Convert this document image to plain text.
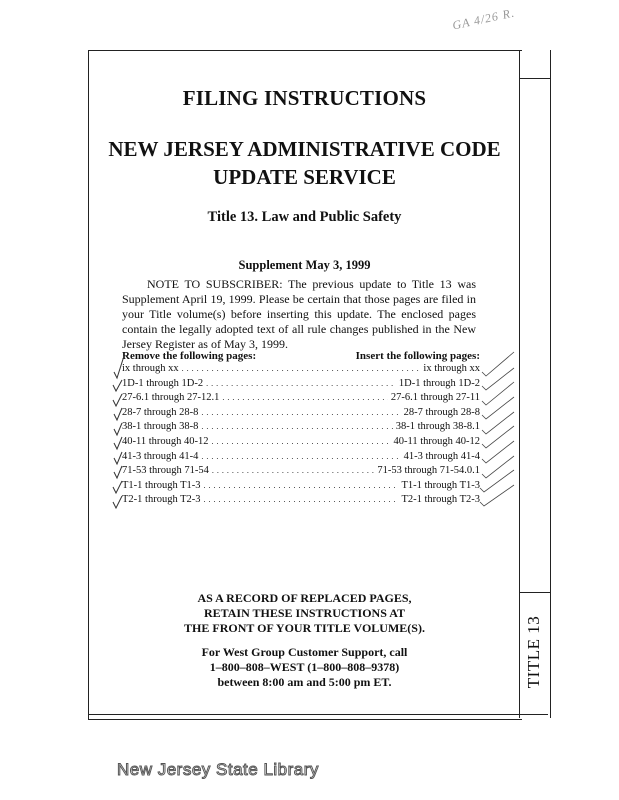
GA 4/26 R.
TITLE 13
FILING INSTRUCTIONS
NEW JERSEY ADMINISTRATIVE CODE
UPDATE SERVICE
Title 13. Law and Public Safety
Supplement May 3, 1999
NOTE TO SUBSCRIBER: The previous update to Title 13 was Supplement April 19, 1999. Please be certain that those pages are filed in your Title volume(s) before inserting this update. The enclosed pages contain the legally adopted text of all rule changes published in the New Jersey Register as of May 3, 1999.
Remove the following pages:	Insert the following pages:
ix through xx . . .	ix through xx
1D-1 through 1D-2 . . .	1D-1 through 1D-2
27-6.1 through 27-12.1 . . .	27-6.1 through 27-11
28-7 through 28-8 . . .	28-7 through 28-8
38-1 through 38-8 . . .	38-1 through 38-8.1
40-11 through 40-12 . . .	40-11 through 40-12
41-3 through 41-4 . . .	41-3 through 41-4
71-53 through 71-54 . . .	71-53 through 71-54.0.1
T1-1 through T1-3 . . .	T1-1 through T1-3
T2-1 through T2-3 . . .	T2-1 through T2-3
AS A RECORD OF REPLACED PAGES,
RETAIN THESE INSTRUCTIONS AT
THE FRONT OF YOUR TITLE VOLUME(S).
For West Group Customer Support, call
1–800–808–WEST (1–800–808–9378)
between 8:00 am and 5:00 pm ET.
New Jersey State Library
